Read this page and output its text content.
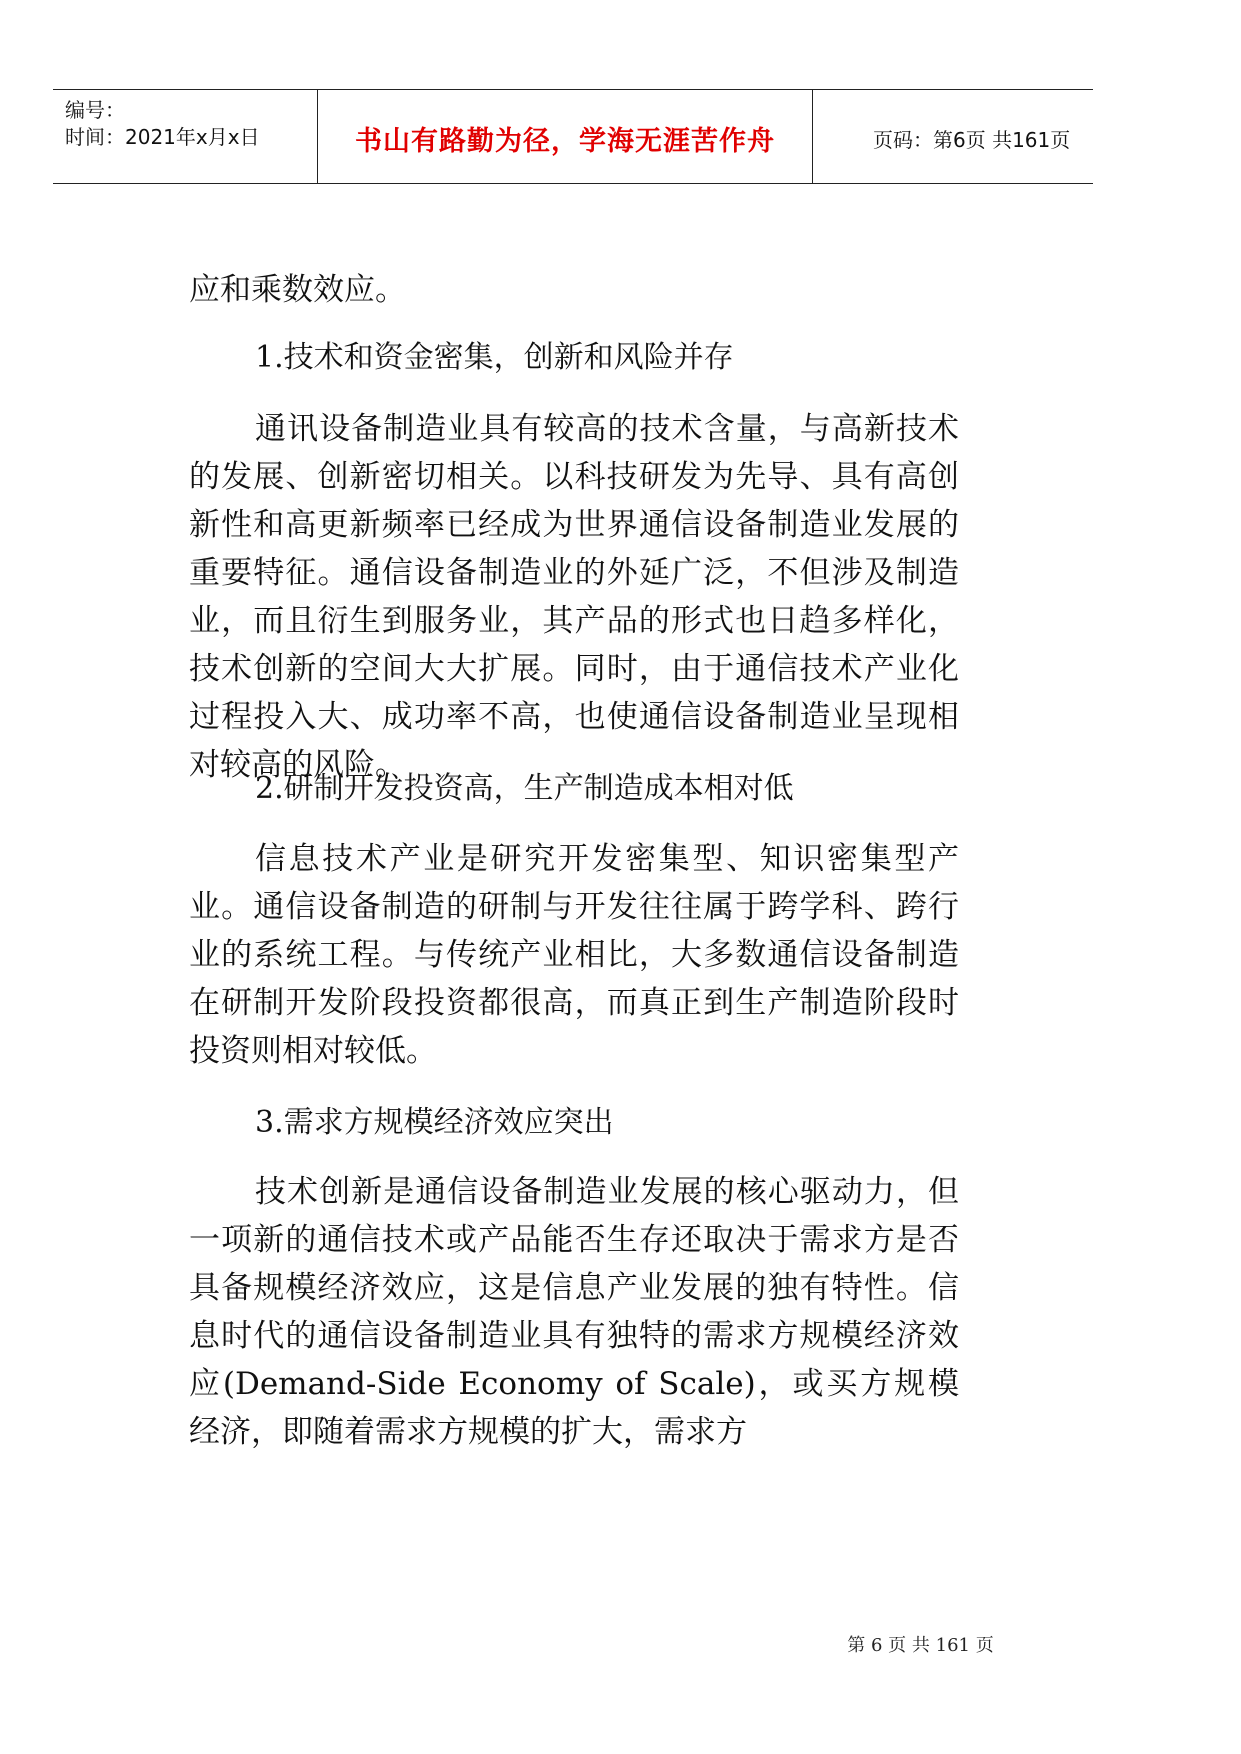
编号：
时间：2021年x月x日	书山有路勤为径，学海无涯苦作舟	页码：第6页 共161页

应和乘数效应。

1.技术和资金密集，创新和风险并存

通讯设备制造业具有较高的技术含量，与高新技术的发展、创新密切相关。以科技研发为先导、具有高创新性和高更新频率已经成为世界通信设备制造业发展的重要特征。通信设备制造业的外延广泛，不但涉及制造业，而且衍生到服务业，其产品的形式也日趋多样化，技术创新的空间大大扩展。同时，由于通信技术产业化过程投入大、成功率不高，也使通信设备制造业呈现相对较高的风险。

2.研制开发投资高，生产制造成本相对低

信息技术产业是研究开发密集型、知识密集型产业。通信设备制造的研制与开发往往属于跨学科、跨行业的系统工程。与传统产业相比，大多数通信设备制造在研制开发阶段投资都很高，而真正到生产制造阶段时投资则相对较低。

3.需求方规模经济效应突出

技术创新是通信设备制造业发展的核心驱动力，但一项新的通信技术或产品能否生存还取决于需求方是否具备规模经济效应，这是信息产业发展的独有特性。信息时代的通信设备制造业具有独特的需求方规模经济效应(Demand-Side Economy of Scale)，或买方规模经济，即随着需求方规模的扩大，需求方

第 6 页 共 161 页
